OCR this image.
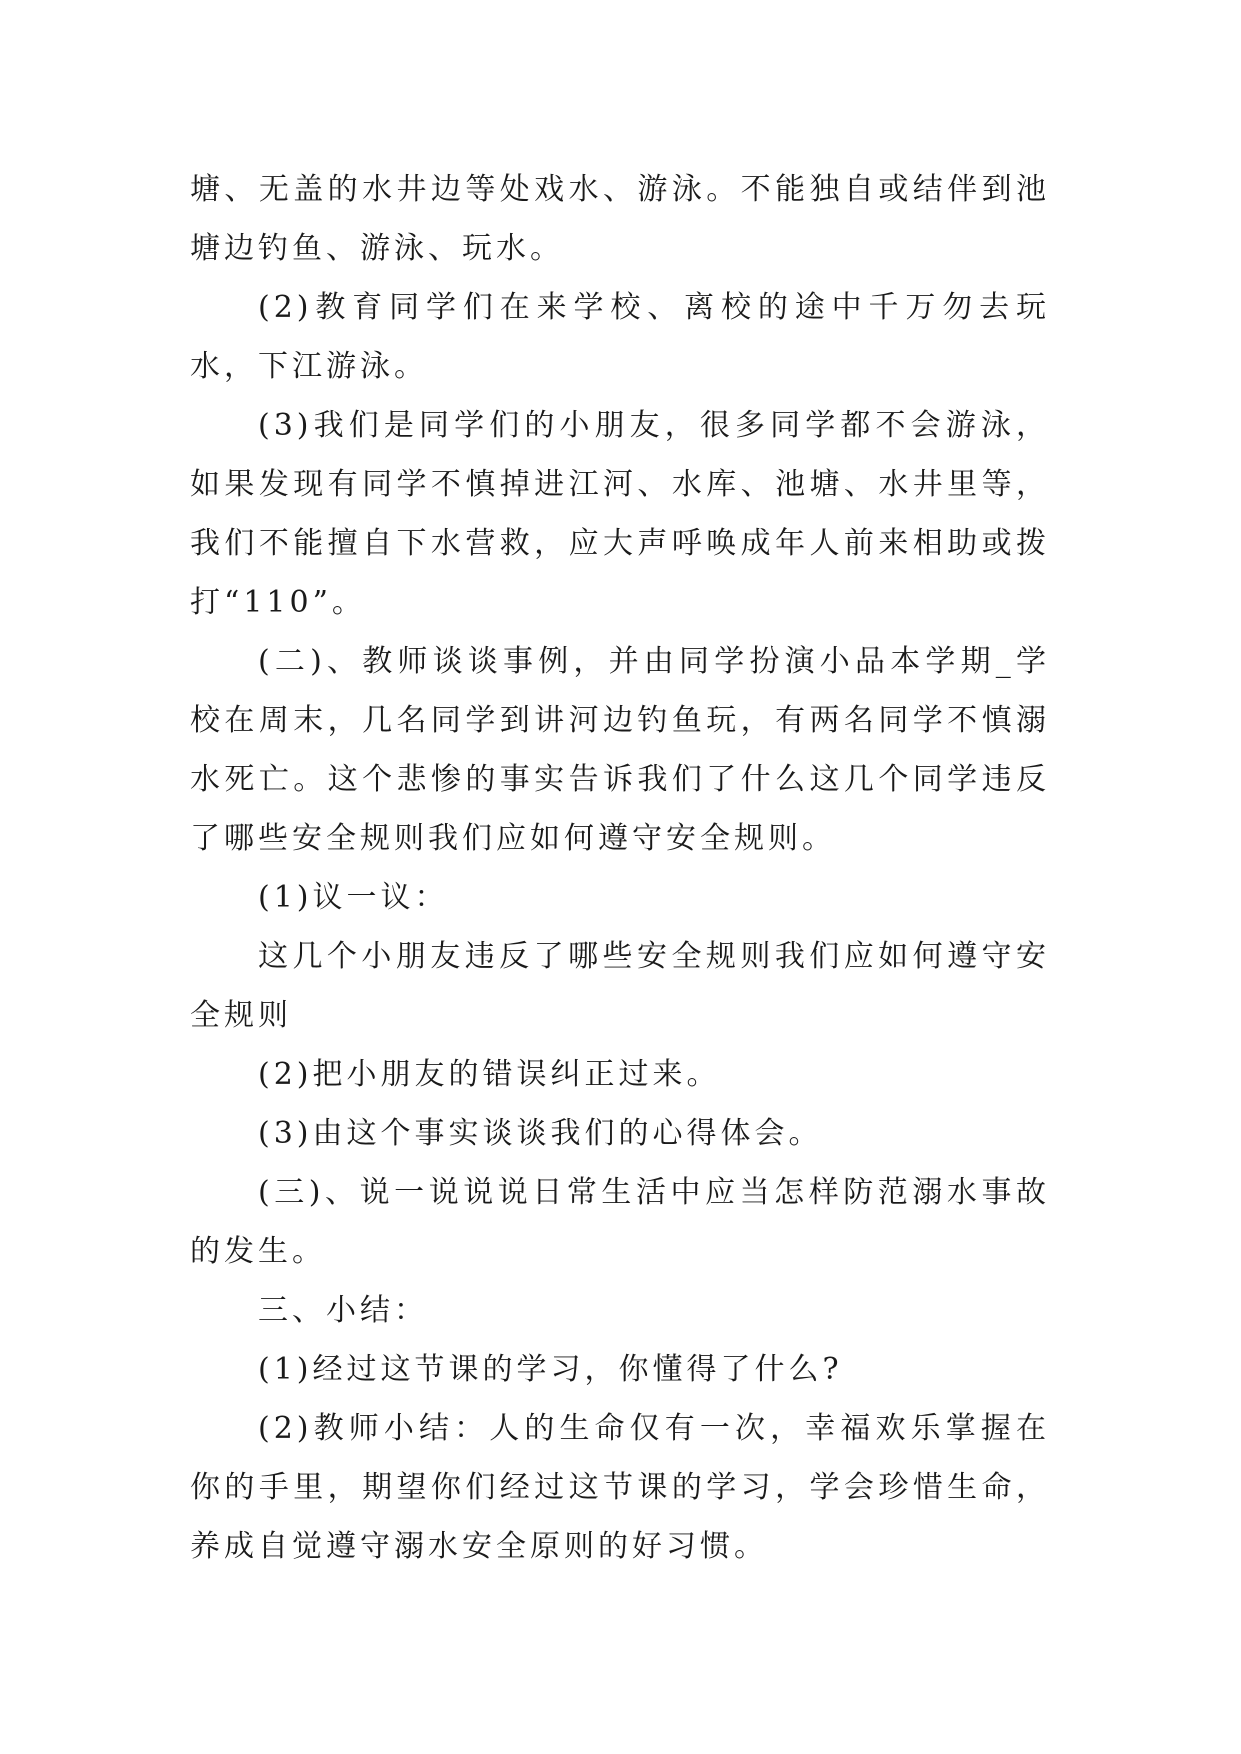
塘、无盖的水井边等处戏水、游泳。不能独自或结伴到池塘边钓鱼、游泳、玩水。

(2)教育同学们在来学校、离校的途中千万勿去玩水，下江游泳。

(3)我们是同学们的小朋友，很多同学都不会游泳，如果发现有同学不慎掉进江河、水库、池塘、水井里等，我们不能擅自下水营救，应大声呼唤成年人前来相助或拨打“110”。

(二)、教师谈谈事例，并由同学扮演小品本学期_学校在周末，几名同学到讲河边钓鱼玩，有两名同学不慎溺水死亡。这个悲惨的事实告诉我们了什么这几个同学违反了哪些安全规则我们应如何遵守安全规则。

(1)议一议：

这几个小朋友违反了哪些安全规则我们应如何遵守安全规则

(2)把小朋友的错误纠正过来。

(3)由这个事实谈谈我们的心得体会。

(三)、说一说说说日常生活中应当怎样防范溺水事故的发生。

三、小结：

(1)经过这节课的学习，你懂得了什么?

(2)教师小结：人的生命仅有一次，幸福欢乐掌握在你的手里，期望你们经过这节课的学习，学会珍惜生命，养成自觉遵守溺水安全原则的好习惯。
